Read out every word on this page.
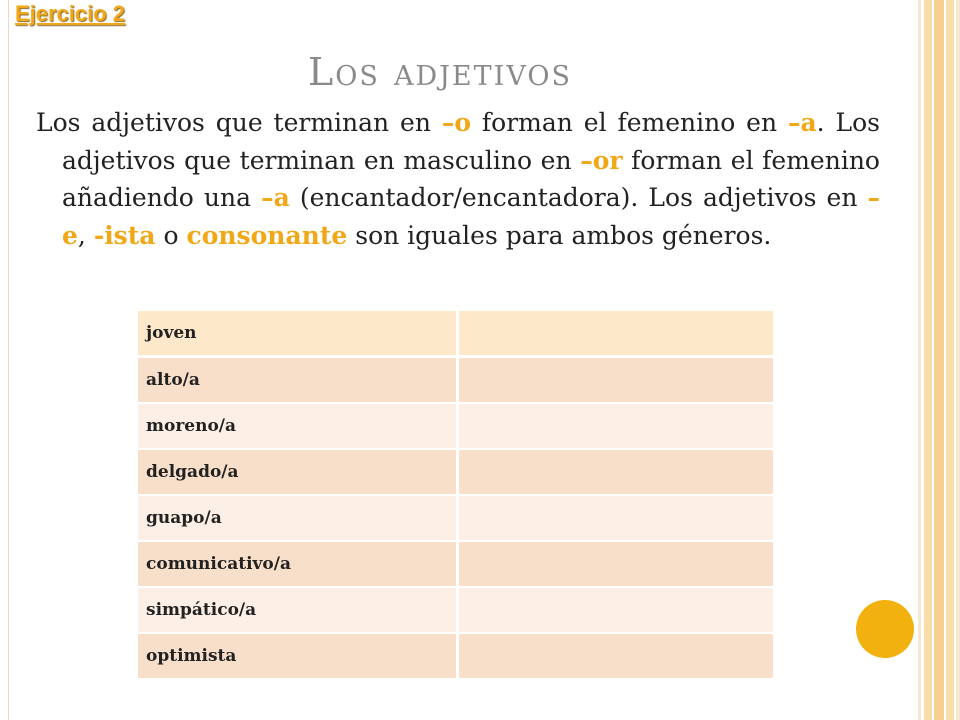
Ejercicio 2
Los adjetivos

Los adjetivos que terminan en –o forman el femenino en –a. Los adjetivos que terminan en masculino en –or forman el femenino añadiendo una –a (encantador/encantadora). Los adjetivos en –e, -ista o consonante son iguales para ambos géneros.

joven	
alto/a	
moreno/a	
delgado/a	
guapo/a	
comunicativo/a	
simpático/a	
optimista	
